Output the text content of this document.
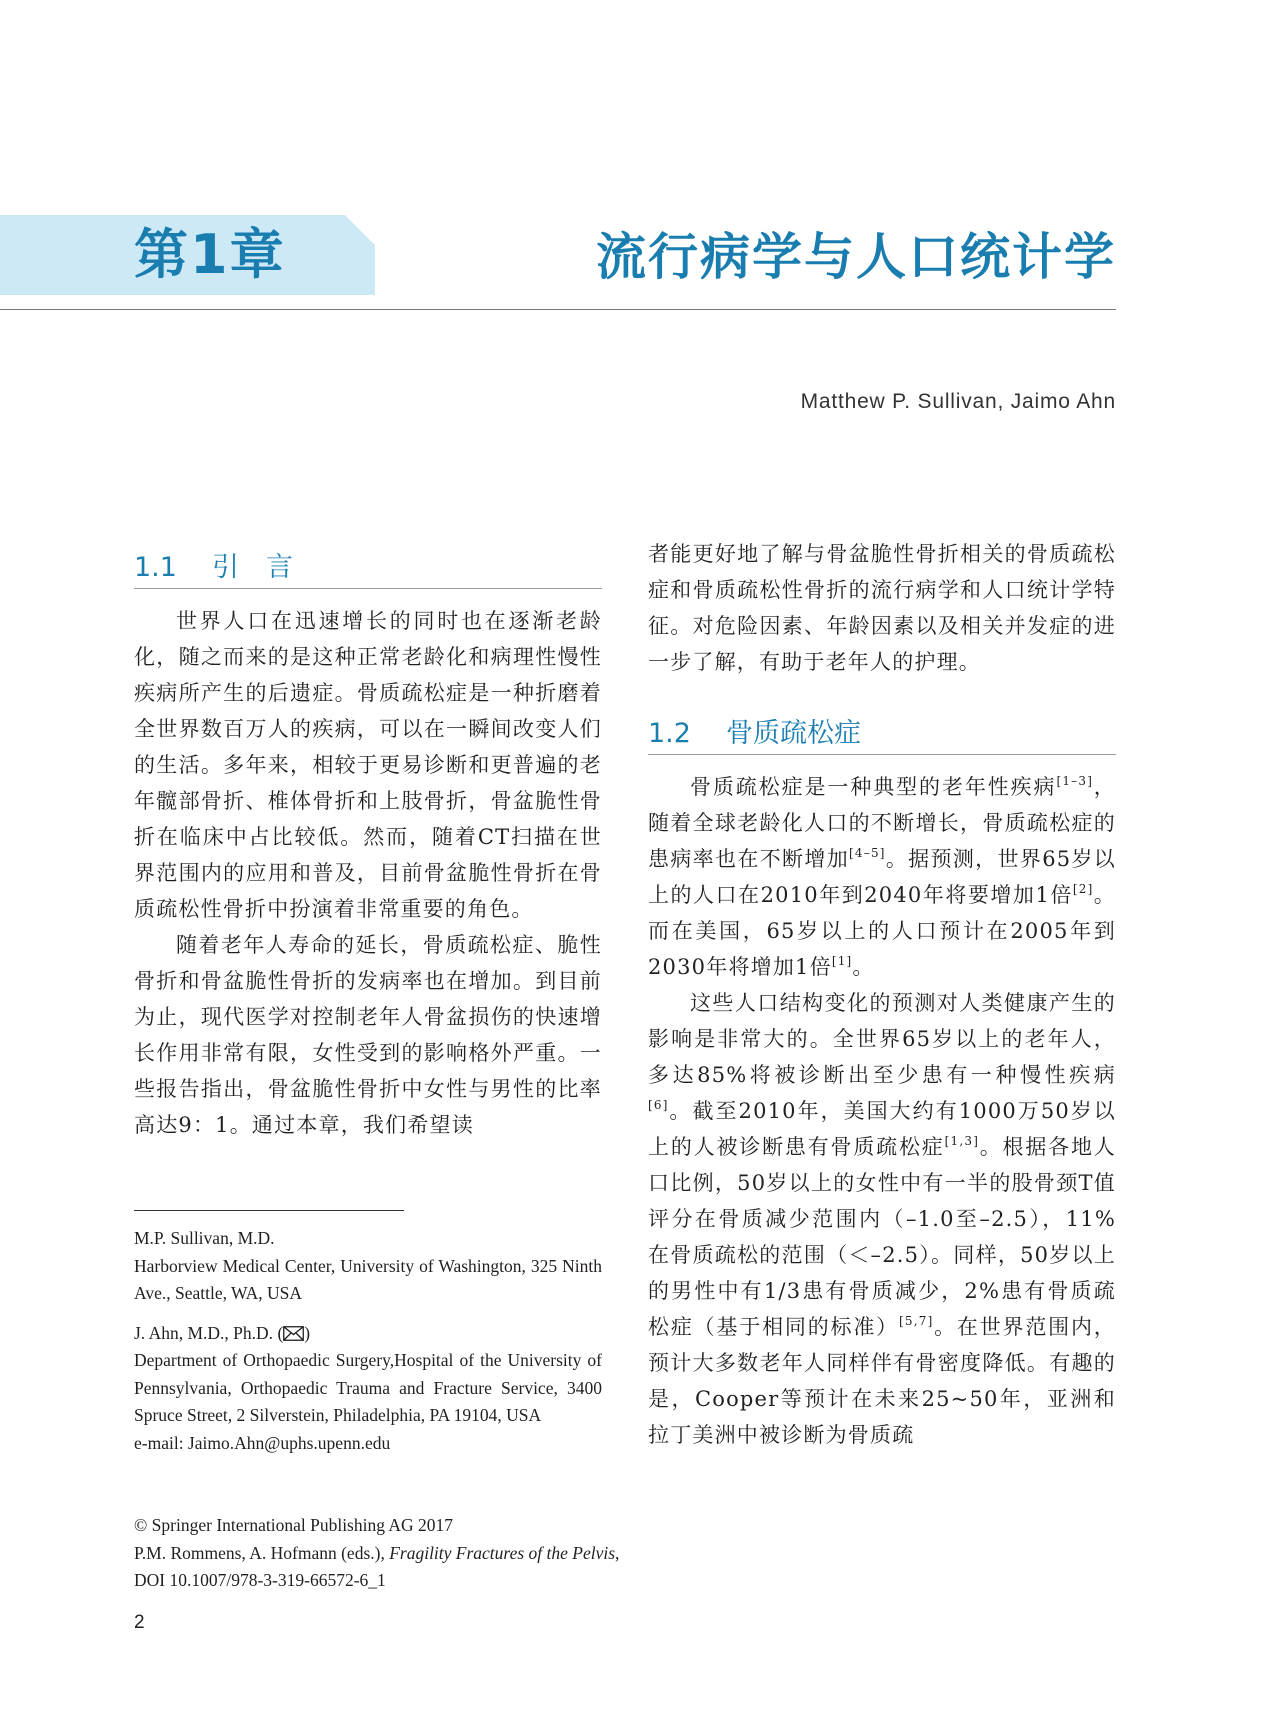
第1章	流行病学与人口统计学
Matthew P. Sullivan, Jaimo Ahn
1.1 引　言

世界人口在迅速增长的同时也在逐渐老龄化，随之而来的是这种正常老龄化和病理性慢性疾病所产生的后遗症。骨质疏松症是一种折磨着全世界数百万人的疾病，可以在一瞬间改变人们的生活。多年来，相较于更易诊断和更普遍的老年髋部骨折、椎体骨折和上肢骨折，骨盆脆性骨折在临床中占比较低。然而，随着CT扫描在世界范围内的应用和普及，目前骨盆脆性骨折在骨质疏松性骨折中扮演着非常重要的角色。

随着老年人寿命的延长，骨质疏松症、脆性骨折和骨盆脆性骨折的发病率也在增加。到目前为止，现代医学对控制老年人骨盆损伤的快速增长作用非常有限，女性受到的影响格外严重。一些报告指出，骨盆脆性骨折中女性与男性的比率高达9：1。通过本章，我们希望读

者能更好地了解与骨盆脆性骨折相关的骨质疏松症和骨质疏松性骨折的流行病学和人口统计学特征。对危险因素、年龄因素以及相关并发症的进一步了解，有助于老年人的护理。

1.2 骨质疏松症

骨质疏松症是一种典型的老年性疾病[1–3]，随着全球老龄化人口的不断增长，骨质疏松症的患病率也在不断增加[4–5]。据预测，世界65岁以上的人口在2010年到2040年将要增加1倍[2]。而在美国，65岁以上的人口预计在2005年到2030年将增加1倍[1]。

这些人口结构变化的预测对人类健康产生的影响是非常大的。全世界65岁以上的老年人，多达85%将被诊断出至少患有一种慢性疾病[6]。截至2010年，美国大约有1000万50岁以上的人被诊断患有骨质疏松症[1,3]。根据各地人口比例，50岁以上的女性中有一半的股骨颈T值评分在骨质减少范围内（–1.0至–2.5），11%在骨质疏松的范围（＜–2.5）。同样，50岁以上的男性中有1/3患有骨质减少，2%患有骨质疏松症（基于相同的标准）[5,7]。在世界范围内，预计大多数老年人同样伴有骨密度降低。有趣的是，Cooper等预计在未来25~50年，亚洲和拉丁美洲中被诊断为骨质疏

M.P. Sullivan, M.D.

Harborview Medical Center, University of Washington, 325 Ninth Ave., Seattle, WA, USA

J. Ahn, M.D., Ph.D. ( )

Department of Orthopaedic Surgery,Hospital of the University of Pennsylvania, Orthopaedic Trauma and Fracture Service, 3400 Spruce Street, 2 Silverstein, Philadelphia, PA 19104, USA

e-mail: Jaimo.Ahn@uphs.upenn.edu

© Springer International Publishing AG 2017

P.M. Rommens, A. Hofmann (eds.), Fragility Fractures of the Pelvis,

DOI 10.1007/978-3-319-66572-6_1

2
